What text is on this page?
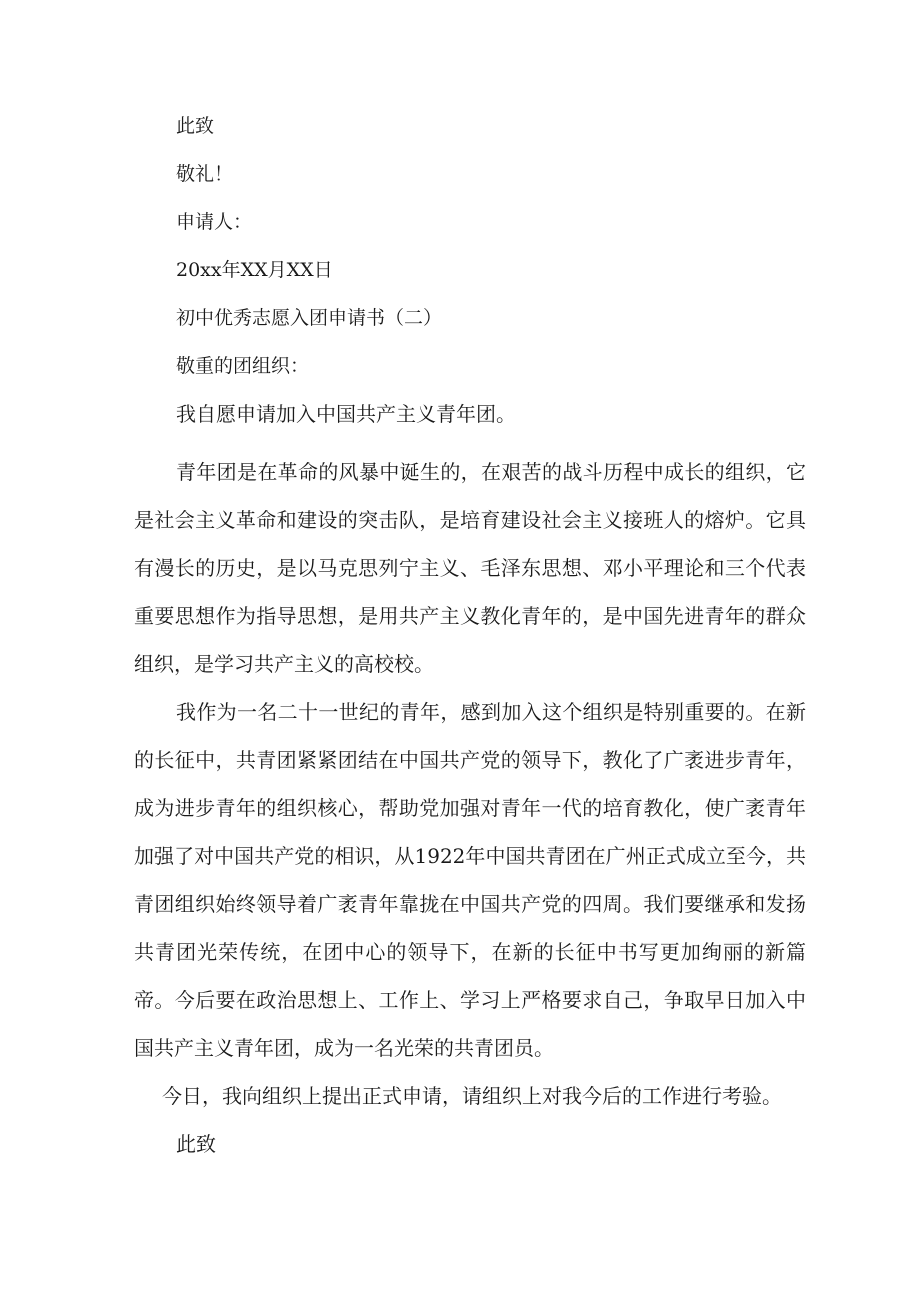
此致

敬礼！

申请人：

20xx年XX月XX日

初中优秀志愿入团申请书（二）

敬重的团组织：

我自愿申请加入中国共产主义青年团。

青年团是在革命的风暴中诞生的，在艰苦的战斗历程中成长的组织，它是社会主义革命和建设的突击队，是培育建设社会主义接班人的熔炉。它具有漫长的历史，是以马克思列宁主义、毛泽东思想、邓小平理论和三个代表重要思想作为指导思想，是用共产主义教化青年的，是中国先进青年的群众组织，是学习共产主义的高校校。

我作为一名二十一世纪的青年，感到加入这个组织是特别重要的。在新的长征中，共青团紧紧团结在中国共产党的领导下，教化了广袤进步青年，成为进步青年的组织核心，帮助党加强对青年一代的培育教化，使广袤青年加强了对中国共产党的相识，从1922年中国共青团在广州正式成立至今，共青团组织始终领导着广袤青年靠拢在中国共产党的四周。我们要继承和发扬共青团光荣传统，在团中心的领导下，在新的长征中书写更加绚丽的新篇帝。今后要在政治思想上、工作上、学习上严格要求自己，争取早日加入中国共产主义青年团，成为一名光荣的共青团员。

今日，我向组织上提出正式申请，请组织上对我今后的工作进行考验。

此致
